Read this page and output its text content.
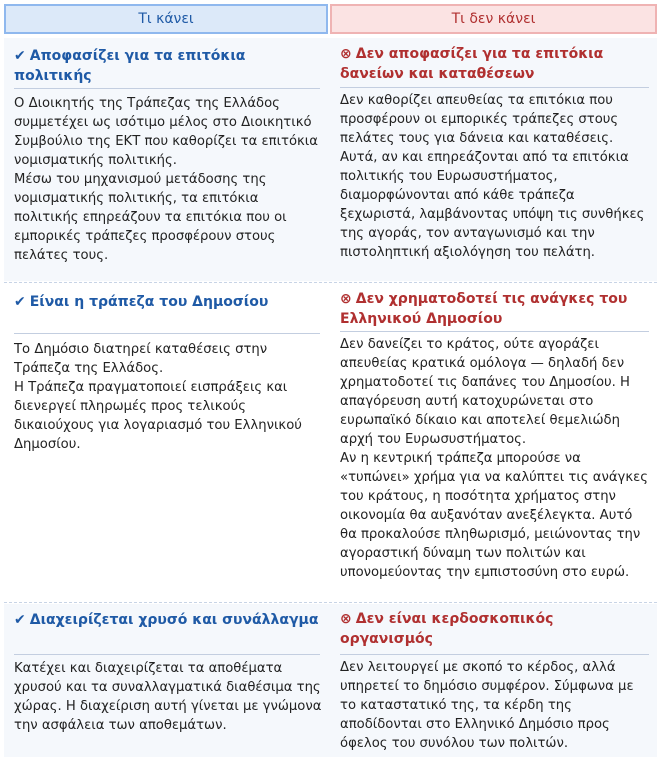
Τι κάνει	Τι δεν κάνει
✔ Αποφασίζει για τα επιτόκια πολιτικής

Ο Διοικητής της Τράπεζας της Ελλάδος συμμετέχει ως ισότιμο μέλος στο Διοικητικό Συμβούλιο της ΕΚΤ που καθορίζει τα επιτόκια νομισματικής πολιτικής.

Μέσω του μηχανισμού μετάδοσης της νομισματικής πολιτικής, τα επιτόκια πολιτικής επηρεάζουν τα επιτόκια που οι εμπορικές τράπεζες προσφέρουν στους πελάτες τους.

⊗ Δεν αποφασίζει για τα επιτόκια δανείων και καταθέσεων

Δεν καθορίζει απευθείας τα επιτόκια που προσφέρουν οι εμπορικές τράπεζες στους πελάτες τους για δάνεια και καταθέσεις. Αυτά, αν και επηρεάζονται από τα επιτόκια πολιτικής του Ευρωσυστήματος, διαμορφώνονται από κάθε τράπεζα ξεχωριστά, λαμβάνοντας υπόψη τις συνθήκες της αγοράς, τον ανταγωνισμό και την πιστοληπτική αξιολόγηση του πελάτη.

✔ Είναι η τράπεζα του Δημοσίου

Το Δημόσιο διατηρεί καταθέσεις στην Τράπεζα της Ελλάδος.

Η Τράπεζα πραγματοποιεί εισπράξεις και διενεργεί πληρωμές προς τελικούς δικαιούχους για λογαριασμό του Ελληνικού Δημοσίου.

⊗ Δεν χρηματοδοτεί τις ανάγκες του Ελληνικού Δημοσίου

Δεν δανείζει το κράτος, ούτε αγοράζει απευθείας κρατικά ομόλογα — δηλαδή δεν χρηματοδοτεί τις δαπάνες του Δημοσίου. Η απαγόρευση αυτή κατοχυρώνεται στο ευρωπαϊκό δίκαιο και αποτελεί θεμελιώδη αρχή του Ευρωσυστήματος.

Αν η κεντρική τράπεζα μπορούσε να «τυπώνει» χρήμα για να καλύπτει τις ανάγκες του κράτους, η ποσότητα χρήματος στην οικονομία θα αυξανόταν ανεξέλεγκτα. Αυτό θα προκαλούσε πληθωρισμό, μειώνοντας την αγοραστική δύναμη των πολιτών και υπονομεύοντας την εμπιστοσύνη στο ευρώ.

✔ Διαχειρίζεται χρυσό και συνάλλαγμα

Κατέχει και διαχειρίζεται τα αποθέματα χρυσού και τα συναλλαγματικά διαθέσιμα της χώρας. Η διαχείριση αυτή γίνεται με γνώμονα την ασφάλεια των αποθεμάτων.

⊗ Δεν είναι κερδοσκοπικός οργανισμός

Δεν λειτουργεί με σκοπό το κέρδος, αλλά υπηρετεί το δημόσιο συμφέρον. Σύμφωνα με το καταστατικό της, τα κέρδη της αποδίδονται στο Ελληνικό Δημόσιο προς όφελος του συνόλου των πολιτών.
